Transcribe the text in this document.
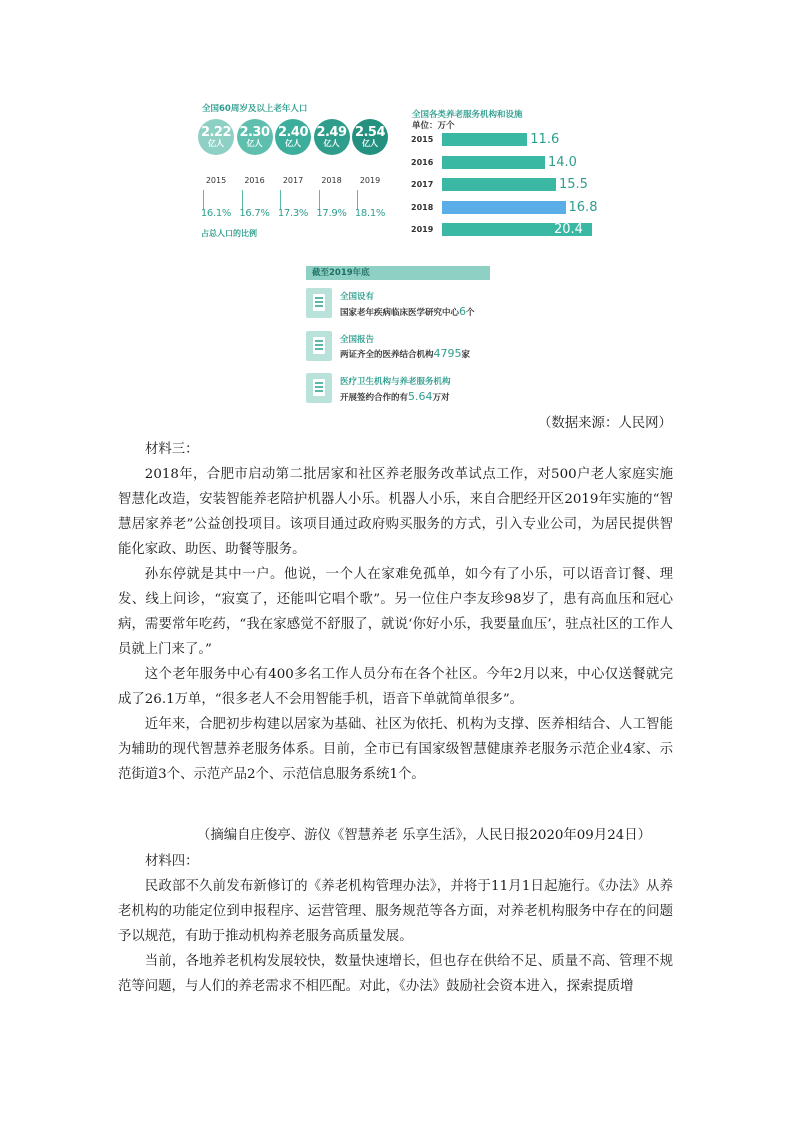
全国60周岁及以上老年人口
2.22
亿人
2015
16.1%
2.30
亿人
2016
16.7%
2.40
亿人
2017
17.3%
2.49
亿人
2018
17.9%
2.54
亿人
2019
18.1%
占总人口的比例
全国各类养老服务机构和设施
单位：万个
2015	11.6
2016	14.0
2017	15.5
2018	16.8
2019	20.4
截至2019年底
全国设有
国家老年疾病临床医学研究中心6个
全国报告
两证齐全的医养结合机构4795家
医疗卫生机构与养老服务机构
开展签约合作的有5.64万对
（数据来源：人民网）
材料三：

2018年，合肥市启动第二批居家和社区养老服务改革试点工作，对500户老人家庭实施智慧化改造，安装智能养老陪护机器人小乐。机器人小乐，来自合肥经开区2019年实施的“智慧居家养老”公益创投项目。该项目通过政府购买服务的方式，引入专业公司，为居民提供智能化家政、助医、助餐等服务。

孙东停就是其中一户。他说，一个人在家难免孤单，如今有了小乐，可以语音订餐、理发、线上问诊，“寂寞了，还能叫它唱个歌”。另一位住户李友珍98岁了，患有高血压和冠心病，需要常年吃药，“我在家感觉不舒服了，就说‘你好小乐，我要量血压’，驻点社区的工作人员就上门来了。”

这个老年服务中心有400多名工作人员分布在各个社区。今年2月以来，中心仅送餐就完成了26.1万单，“很多老人不会用智能手机，语音下单就简单很多”。

近年来，合肥初步构建以居家为基础、社区为依托、机构为支撑、医养相结合、人工智能为辅助的现代智慧养老服务体系。目前，全市已有国家级智慧健康养老服务示范企业4家、示范街道3个、示范产品2个、示范信息服务系统1个。

（摘编自庄俊亭、游仪《智慧养老 乐享生活》，人民日报2020年09月24日）
材料四：

民政部不久前发布新修订的《养老机构管理办法》，并将于11月1日起施行。《办法》从养老机构的功能定位到申报程序、运营管理、服务规范等各方面，对养老机构服务中存在的问题予以规范，有助于推动机构养老服务高质量发展。

当前，各地养老机构发展较快，数量快速增长，但也存在供给不足、质量不高、管理不规范等问题，与人们的养老需求不相匹配。对此，《办法》鼓励社会资本进入，探索提质增
